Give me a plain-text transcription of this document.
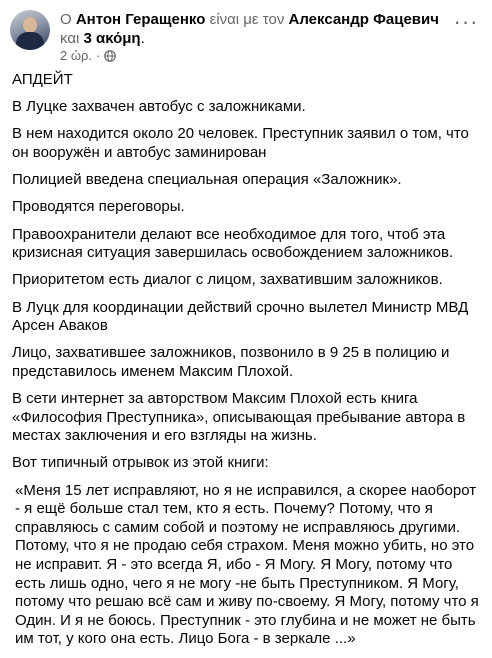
O Антон Геращенко είναι με τον Александр Фацевич και 3 ακόμη.
2 ώρ. ·
···

АПДЕЙТ

В Луцке захвачен автобус с заложниками.

В нем находится около 20 человек. Преступник заявил о том, что он вооружён и автобус заминирован

Полицией введена специальная операция «Заложник».

Проводятся переговоры.

Правоохранители делают все необходимое для того, чтоб эта кризисная ситуация завершилась освобождением заложников.

Приоритетом есть диалог с лицом, захватившим заложников.

В Луцк для координации действий срочно вылетел Министр МВД Арсен Аваков

Лицо, захватившее заложников, позвонило в 9 25 в полицию и представилось именем Максим Плохой.

В сети интернет за авторством Максим Плохой есть книга «Философия Преступника», описывающая пребывание автора в местах заключения и его взгляды на жизнь.

Вот типичный отрывок из этой книги:

«Меня 15 лет исправляют, но я не исправился, а скорее наоборот - я ещё больше стал тем, кто я есть. Почему? Потому, что я справляюсь с самим собой и поэтому не исправляюсь другими. Потому, что я не продаю себя страхом. Меня можно убить, но это не исправит. Я - это всегда Я, ибо - Я Могу. Я Могу, потому что есть лишь одно, чего я не могу -не быть Преступником. Я Могу, потому что решаю всё сам и живу по-своему. Я Могу, потому что я Один. И я не боюсь. Преступник - это глубина и не может не быть им тот, у кого она есть. Лицо Бога - в зеркале ...»
